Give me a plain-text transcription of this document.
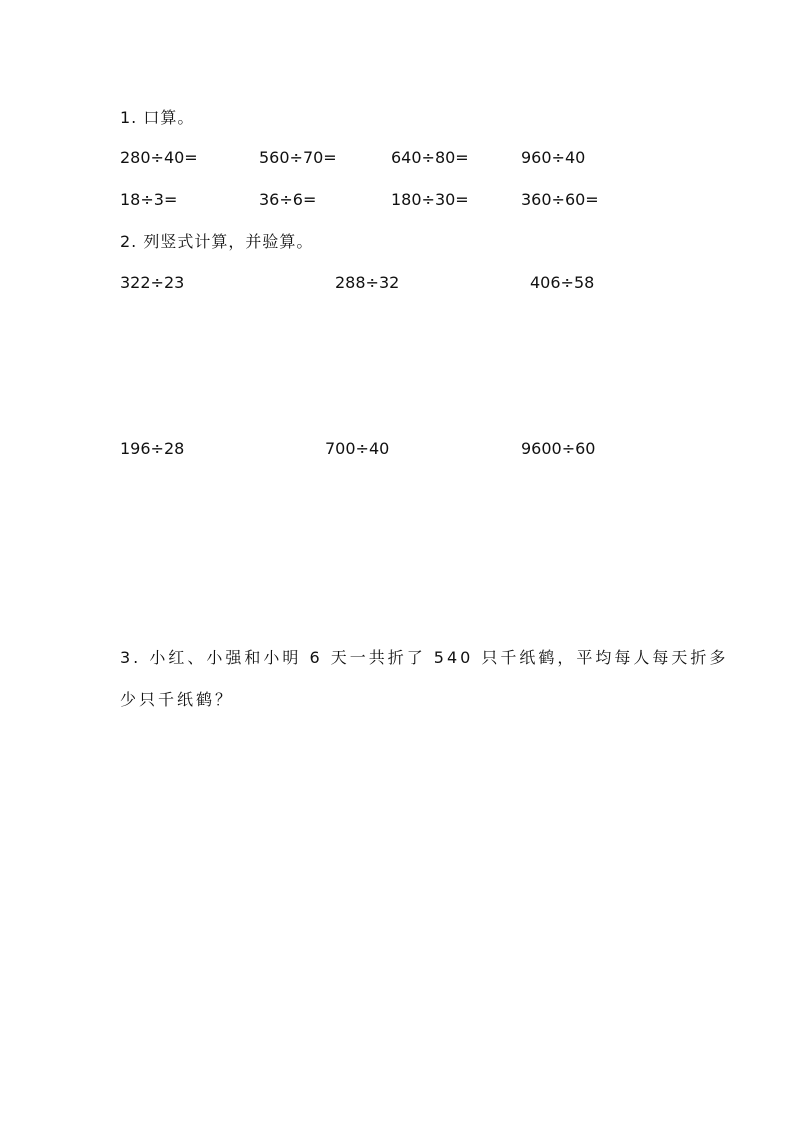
1. 口算。
280÷40=	560÷70=	640÷80=	960÷40
18÷3=	36÷6=	180÷30=	360÷60=
2. 列竖式计算，并验算。
322÷23	288÷32	406÷58
196÷28	700÷40	9600÷60
3. 小红、小强和小明 6 天一共折了 540 只千纸鹤，平均每人每天折多
少只千纸鹤？
